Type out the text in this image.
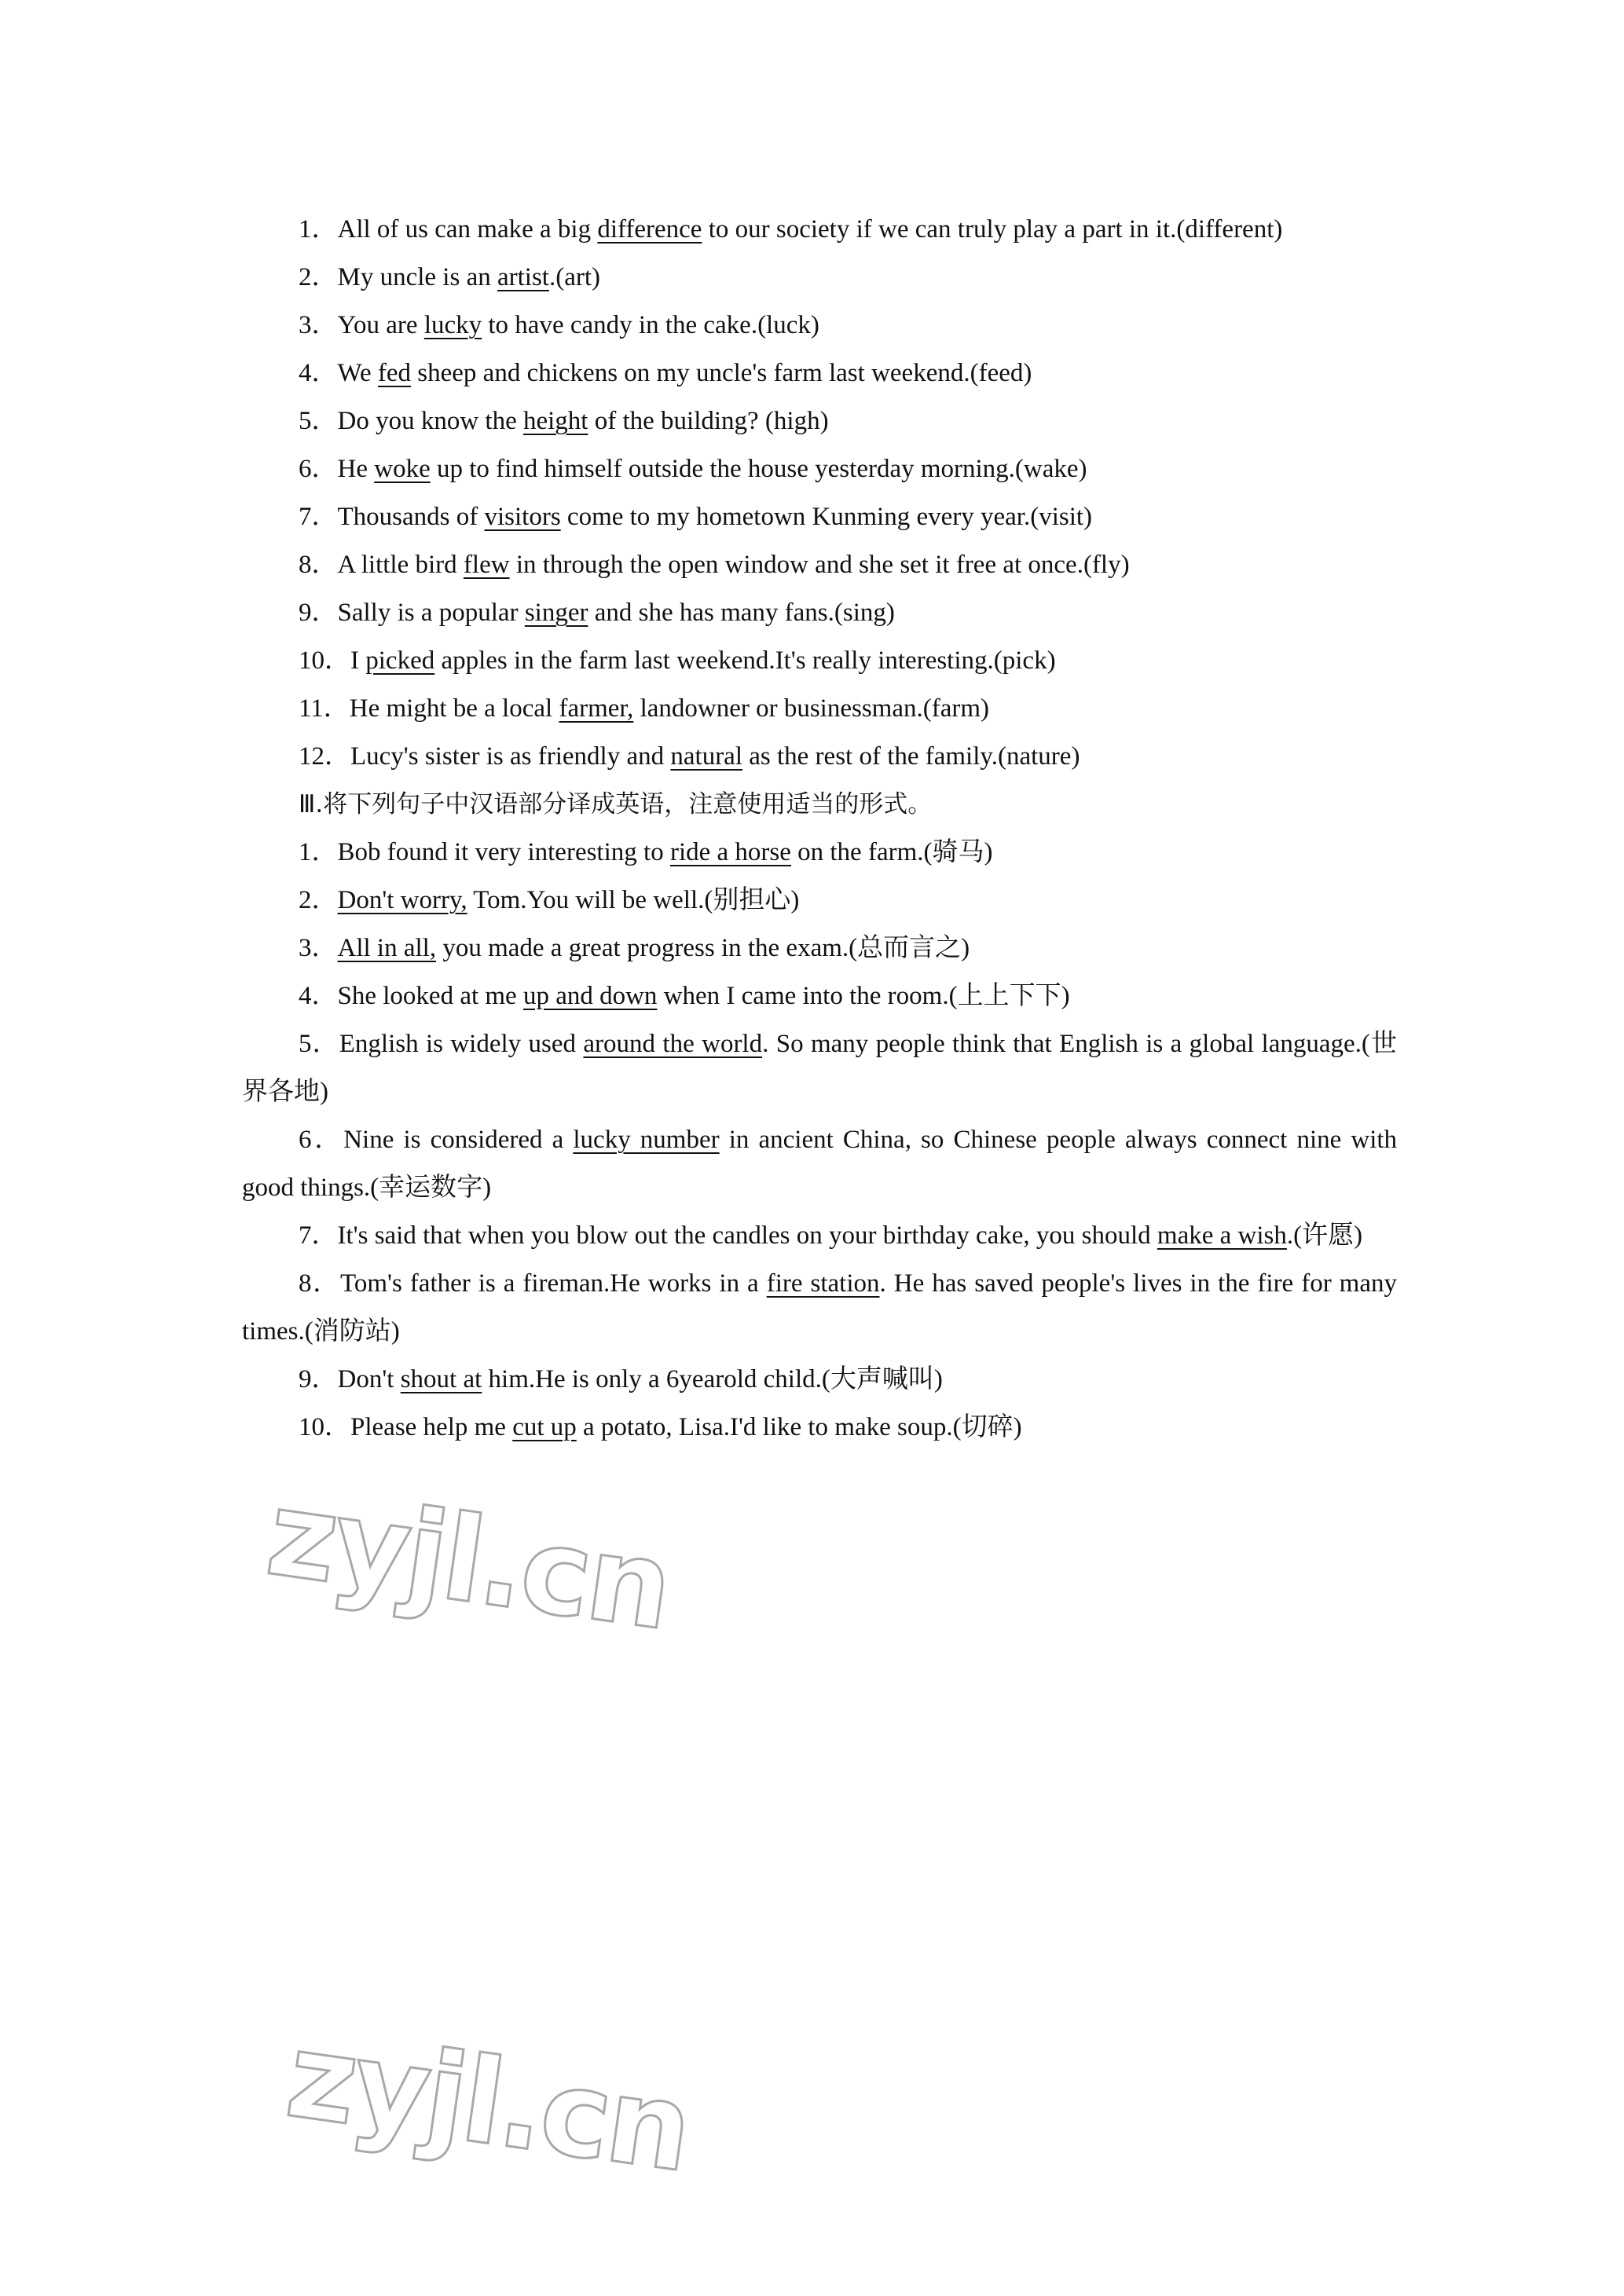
1．All of us can make a big difference to our society if we can truly play a part in it.(different)
2．My uncle is an artist.(art)
3．You are lucky to have candy in the cake.(luck)
4．We fed sheep and chickens on my uncle's farm last weekend.(feed)
5．Do you know the height of the building? (high)
6．He woke up to find himself outside the house yesterday morning.(wake)
7．Thousands of visitors come to my hometown Kunming every year.(visit)
8．A little bird flew in through the open window and she set it free at once.(fly)
9．Sally is a popular singer and she has many fans.(sing)
10．I picked apples in the farm last weekend.It's really interesting.(pick)
11．He might be a local farmer, landowner or businessman.(farm)
12．Lucy's sister is as friendly and natural as the rest of the family.(nature)
Ⅲ.将下列句子中汉语部分译成英语，注意使用适当的形式。
1．Bob found it very interesting to ride a horse on the farm.(骑马)
2．Don't worry, Tom.You will be well.(别担心)
3．All in all, you made a great progress in the exam.(总而言之)
4．She looked at me up and down when I came into the room.(上上下下)
5．English is widely used around the world. So many people think that English is a global language.(世界各地)
6．Nine is considered a lucky number in ancient China, so Chinese people always connect nine with good things.(幸运数字)
7．It's said that when you blow out the candles on your birthday cake, you should make a wish.(许愿)
8．Tom's father is a fireman.He works in a fire station. He has saved people's lives in the fire for many times.(消防站)
9．Don't shout at him.He is only a 6yearold child.(大声喊叫)
10．Please help me cut up a potato, Lisa.I'd like to make soup.(切碎)
zyjl.cn
zyjl.cn
